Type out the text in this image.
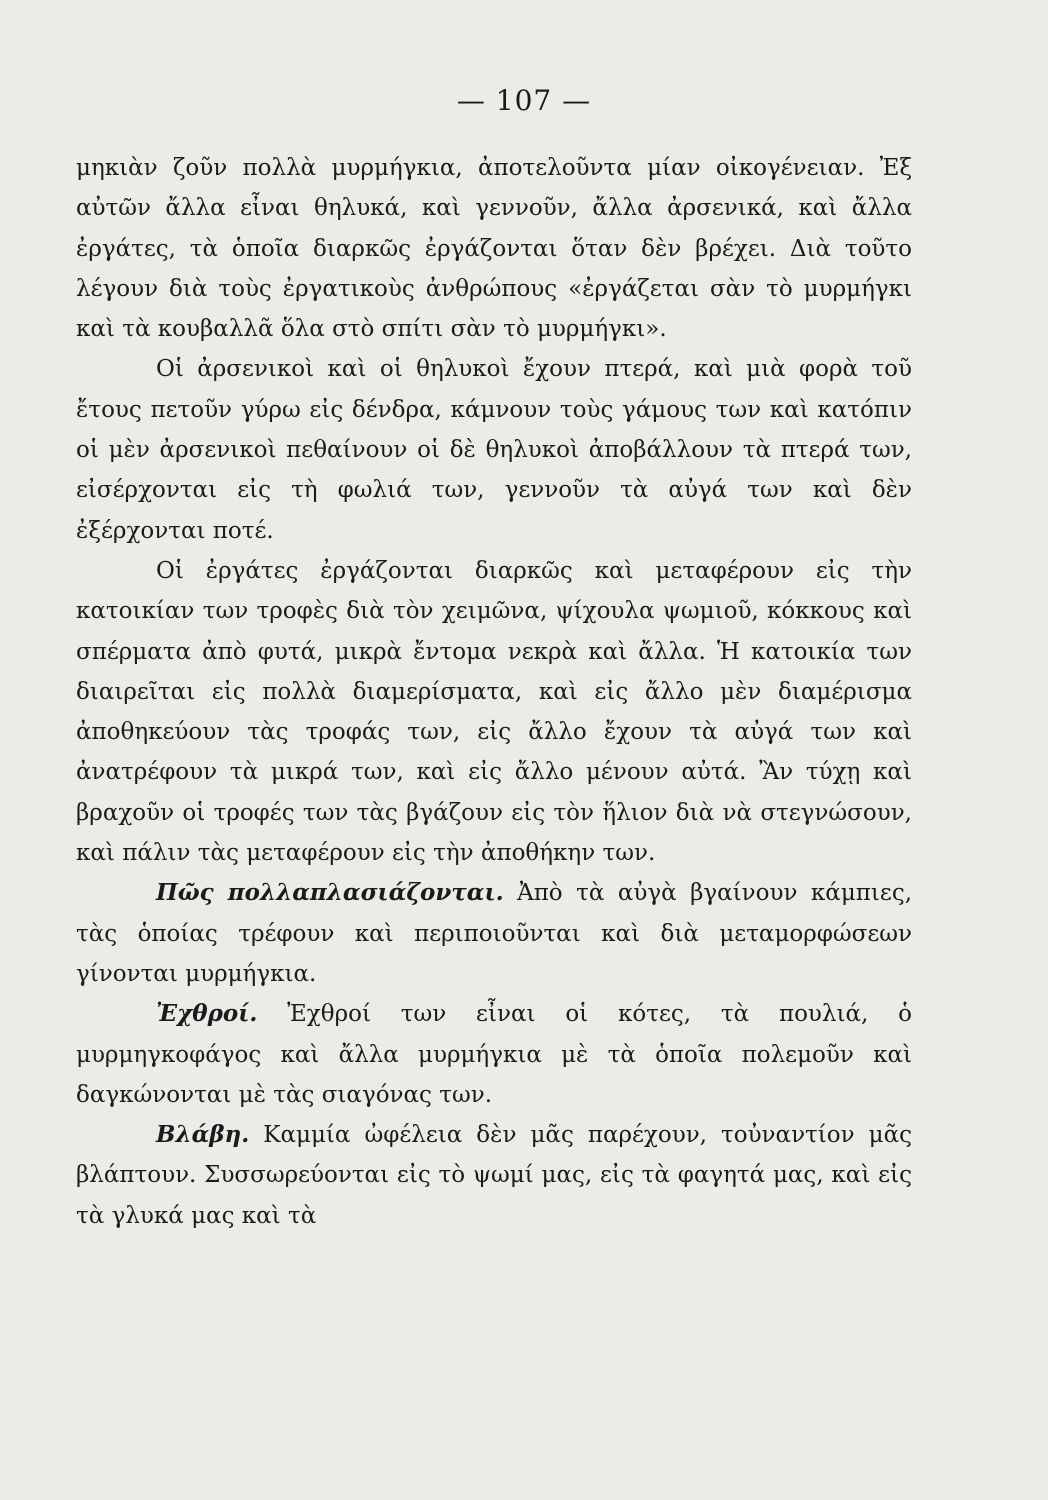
— 107 —

μηκιὰν ζοῦν πολλὰ μυρμήγκια, ἀποτελοῦντα μίαν οἰκογένειαν. Ἐξ αὐτῶν ἄλλα εἶναι θηλυκά, καὶ γεννοῦν, ἄλλα ἀρσενικά, καὶ ἄλλα ἐργάτες, τὰ ὁποῖα διαρκῶς ἐργάζονται ὅταν δὲν βρέχει. Διὰ τοῦτο λέγουν διὰ τοὺς ἐργατικοὺς ἀνθρώπους «ἐργάζεται σὰν τὸ μυρμήγκι καὶ τὰ κουβαλλᾶ ὅλα στὸ σπίτι σὰν τὸ μυρμήγκι».

Οἱ ἀρσενικοὶ καὶ οἱ θηλυκοὶ ἔχουν πτερά, καὶ μιὰ φορὰ τοῦ ἔτους πετοῦν γύρω εἰς δένδρα, κάμνουν τοὺς γάμους των καὶ κατόπιν οἱ μὲν ἀρσενικοὶ πεθαίνουν οἱ δὲ θηλυκοὶ ἀποβάλλουν τὰ πτερά των, εἰσέρχονται εἰς τὴ φωλιά των, γεννοῦν τὰ αὐγά των καὶ δὲν ἐξέρχονται ποτέ.

Οἱ ἐργάτες ἐργάζονται διαρκῶς καὶ μεταφέρουν εἰς τὴν κατοικίαν των τροφὲς διὰ τὸν χειμῶνα, ψίχουλα ψωμιοῦ, κόκκους καὶ σπέρματα ἀπὸ φυτά, μικρὰ ἔντομα νεκρὰ καὶ ἄλλα. Ἡ κατοικία των διαιρεῖται εἰς πολλὰ διαμερίσματα, καὶ εἰς ἄλλο μὲν διαμέρισμα ἀποθηκεύουν τὰς τροφάς των, εἰς ἄλλο ἔχουν τὰ αὐγά των καὶ ἀνατρέφουν τὰ μικρά των, καὶ εἰς ἄλλο μένουν αὐτά. Ἂν τύχῃ καὶ βραχοῦν οἱ τροφές των τὰς βγάζουν εἰς τὸν ἥλιον διὰ νὰ στεγνώσουν, καὶ πάλιν τὰς μεταφέρουν εἰς τὴν ἀποθήκην των.

Πῶς πολλαπλασιάζονται. Ἀπὸ τὰ αὐγὰ βγαίνουν κάμπιες, τὰς ὁποίας τρέφουν καὶ περιποιοῦνται καὶ διὰ μεταμορφώσεων γίνονται μυρμήγκια.

Ἐχθροί. Ἐχθροί των εἶναι οἱ κότες, τὰ πουλιά, ὁ μυρμηγκοφάγος καὶ ἄλλα μυρμήγκια μὲ τὰ ὁποῖα πολεμοῦν καὶ δαγκώνονται μὲ τὰς σιαγόνας των.

Βλάβη. Καμμία ὠφέλεια δὲν μᾶς παρέχουν, τοὐναντίον μᾶς βλάπτουν. Συσσωρεύονται εἰς τὸ ψωμί μας, εἰς τὰ φαγητά μας, καὶ εἰς τὰ γλυκά μας καὶ τὰ
